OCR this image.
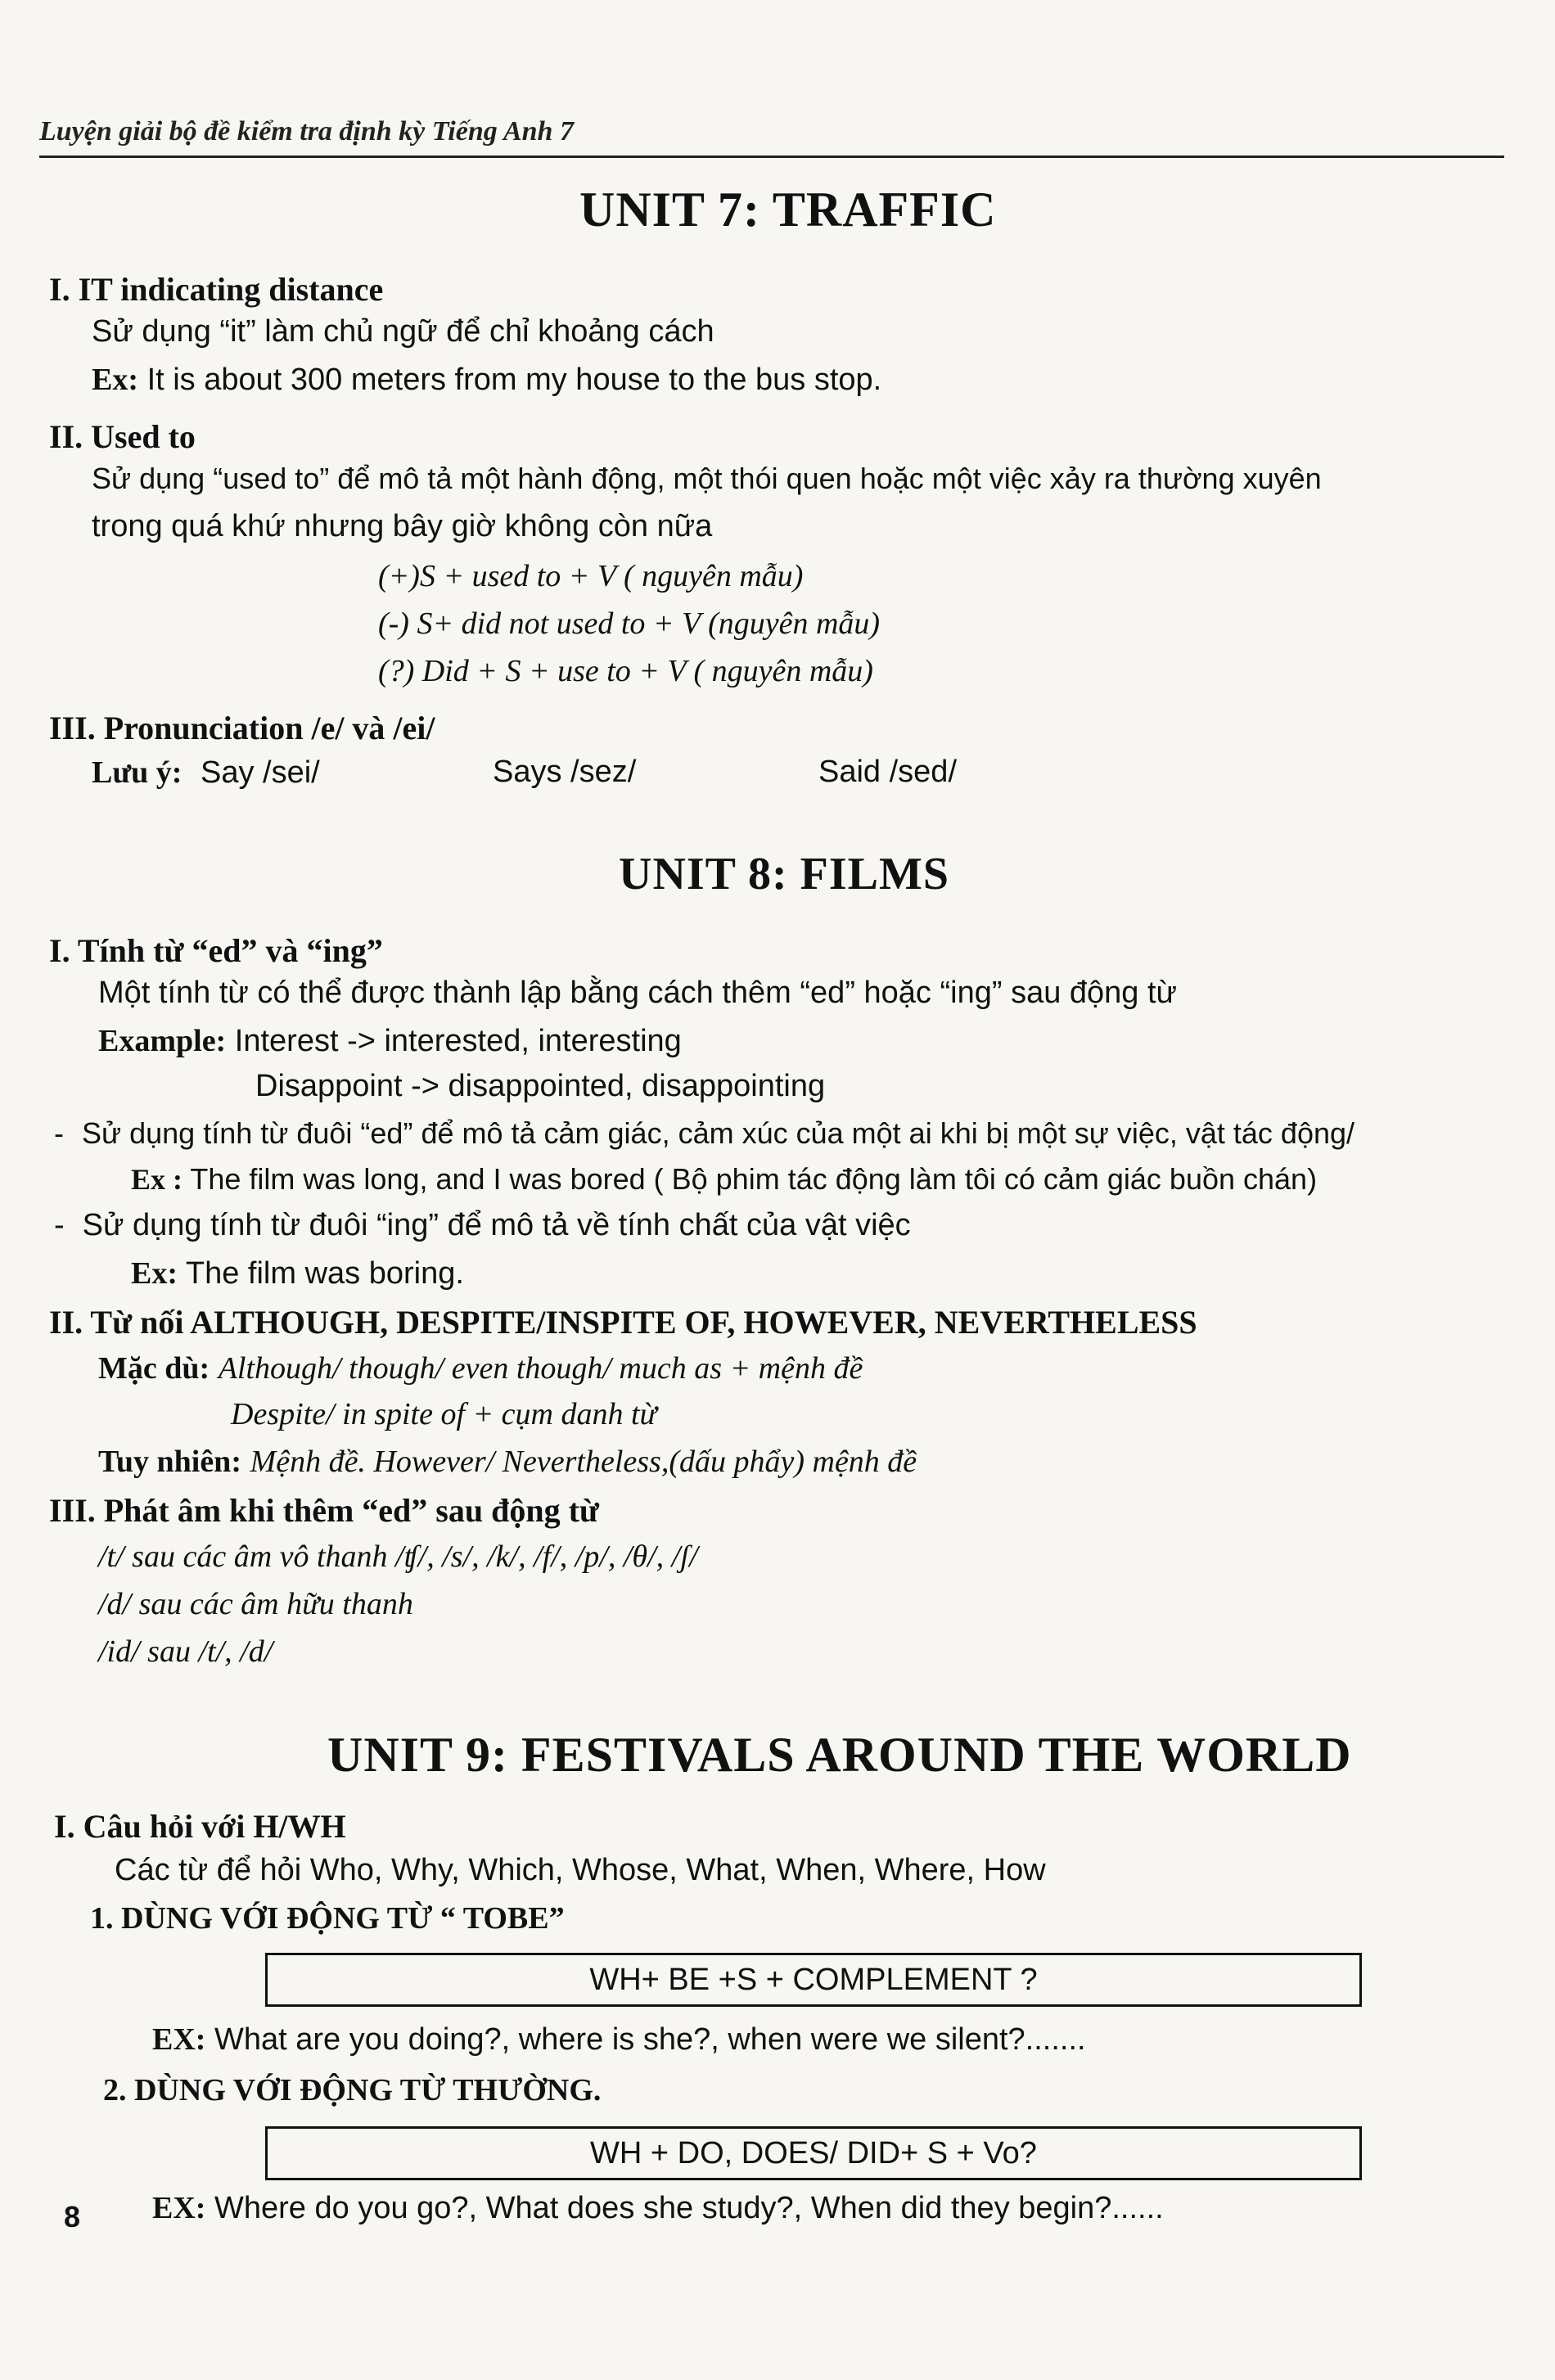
Luyện giải bộ đề kiểm tra định kỳ Tiếng Anh 7
UNIT 7: TRAFFIC
I. IT indicating distance
Sử dụng “it” làm chủ ngữ để chỉ khoảng cách
Ex: It is about 300 meters from my house to the bus stop.
II. Used to
Sử dụng “used to” để mô tả một hành động, một thói quen hoặc một việc xảy ra thường xuyên
trong quá khứ nhưng bây giờ không còn nữa
(+)S + used to + V ( nguyên mẫu)
(-) S+ did not used to + V (nguyên mẫu)
(?) Did + S + use to + V ( nguyên mẫu)
III. Pronunciation /e/ và /ei/
Lưu ý: Say /sei/	Says /sez/	Said /sed/
UNIT 8: FILMS
I. Tính từ “ed” và “ing”
Một tính từ có thể được thành lập bằng cách thêm “ed” hoặc “ing” sau động từ
Example: Interest -> interested, interesting
Disappoint -> disappointed, disappointing
- Sử dụng tính từ đuôi “ed” để mô tả cảm giác, cảm xúc của một ai khi bị một sự việc, vật tác động/
Ex : The film was long, and I was bored ( Bộ phim tác động làm tôi có cảm giác buồn chán)
- Sử dụng tính từ đuôi “ing” để mô tả về tính chất của vật việc
Ex: The film was boring.
II. Từ nối ALTHOUGH, DESPITE/INSPITE OF, HOWEVER, NEVERTHELESS
Mặc dù: Although/ though/ even though/ much as + mệnh đề
Despite/ in spite of + cụm danh từ
Tuy nhiên: Mệnh đề. However/ Nevertheless,(dấu phẩy) mệnh đề
III. Phát âm khi thêm “ed” sau động từ
/t/ sau các âm vô thanh /ʧ/, /s/, /k/, /f/, /p/, /θ/, /ʃ/
/d/ sau các âm hữu thanh
/id/ sau /t/, /d/
UNIT 9: FESTIVALS AROUND THE WORLD
I. Câu hỏi với H/WH
Các từ để hỏi Who, Why, Which, Whose, What, When, Where, How
1. DÙNG VỚI ĐỘNG TỪ “ TOBE”
WH+ BE +S + COMPLEMENT ?
EX: What are you doing?, where is she?, when were we silent?.......
2. DÙNG VỚI ĐỘNG TỪ THƯỜNG.
WH + DO, DOES/ DID+ S + Vo?
EX: Where do you go?, What does she study?, When did they begin?......
8
